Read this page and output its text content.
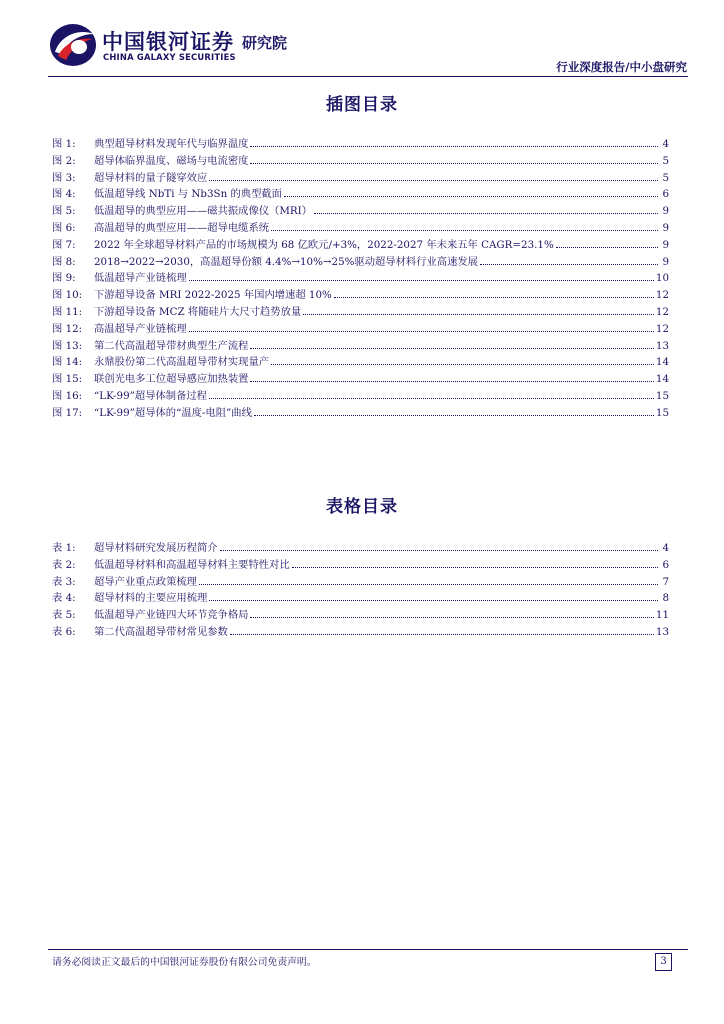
中国银河证券 研究院
CHINA GALAXY SECURITIES
行业深度报告/中小盘研究
插图目录
图 1:	典型超导材料发现年代与临界温度	4
图 2:	超导体临界温度、磁场与电流密度	5
图 3:	超导材料的量子隧穿效应	5
图 4:	低温超导线 NbTi 与 Nb3Sn 的典型截面	6
图 5:	低温超导的典型应用——磁共振成像仪（MRI）	9
图 6:	高温超导的典型应用——超导电缆系统	9
图 7:	2022 年全球超导材料产品的市场规模为 68 亿欧元/+3%，2022-2027 年未来五年 CAGR=23.1%	9
图 8:	2018→2022→2030，高温超导份额 4.4%→10%→25%驱动超导材料行业高速发展	9
图 9:	低温超导产业链梳理	10
图 10:	下游超导设备 MRI 2022-2025 年国内增速超 10%	12
图 11:	下游超导设备 MCZ 将随硅片大尺寸趋势放量	12
图 12:	高温超导产业链梳理	12
图 13:	第二代高温超导带材典型生产流程	13
图 14:	永鼎股份第二代高温超导带材实现量产	14
图 15:	联创光电多工位超导感应加热装置	14
图 16:	“LK-99”超导体制备过程	15
图 17:	“LK-99”超导体的“温度-电阻”曲线	15
表格目录
表 1:	超导材料研究发展历程简介	4
表 2:	低温超导材料和高温超导材料主要特性对比	6
表 3:	超导产业重点政策梳理	7
表 4:	超导材料的主要应用梳理	8
表 5:	低温超导产业链四大环节竞争格局	11
表 6:	第二代高温超导带材常见参数	13
请务必阅读正文最后的中国银河证券股份有限公司免责声明。	3
